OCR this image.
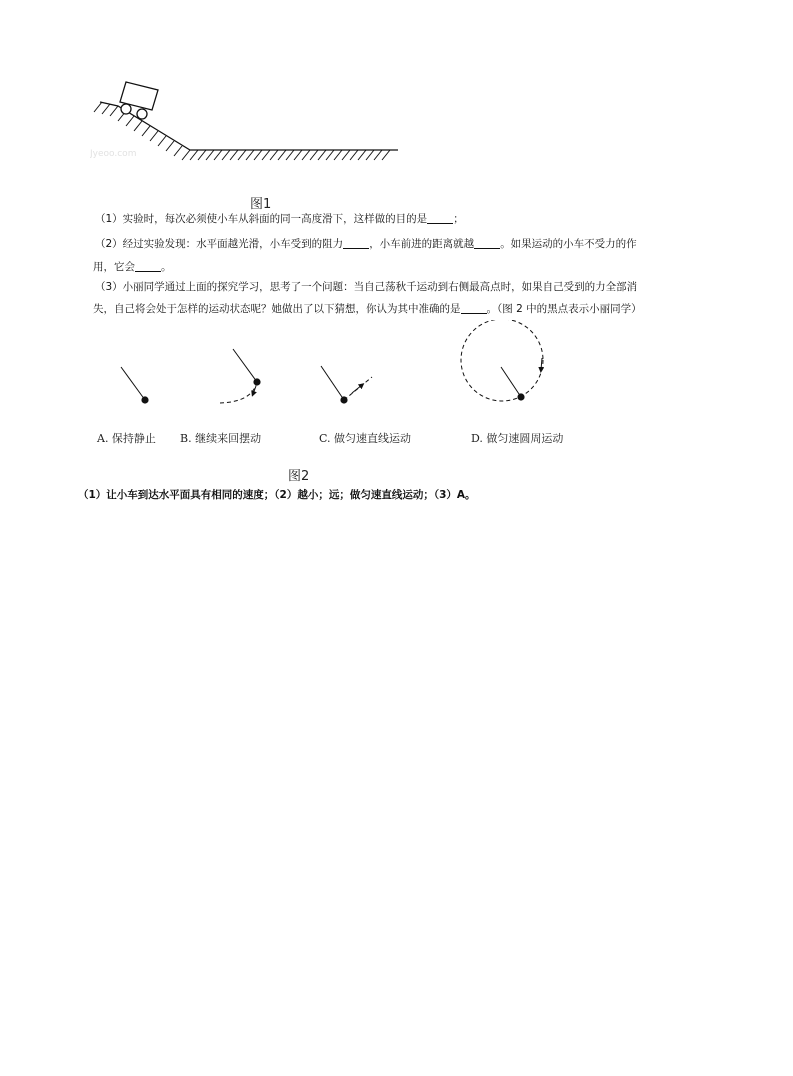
Jyeoo.com
图1
（1）实验时，每次必须使小车从斜面的同一高度滑下，这样做的目的是 ；
（2）经过实验发现：水平面越光滑，小车受到的阻力 ，小车前进的距离就越 。如果运动的小车不受力的作
用，它会 。
（3）小丽同学通过上面的探究学习，思考了一个问题：当自己荡秋千运动到右侧最高点时，如果自己受到的力全部消
失，自己将会处于怎样的运动状态呢？她做出了以下猜想，你认为其中准确的是 。（图 2 中的黑点表示小丽同学）
A. 保持静止 B. 继续来回摆动	C. 做匀速直线运动	D. 做匀速圆周运动
图2
（1）让小车到达水平面具有相同的速度；（2）越小；远；做匀速直线运动；（3）A。
